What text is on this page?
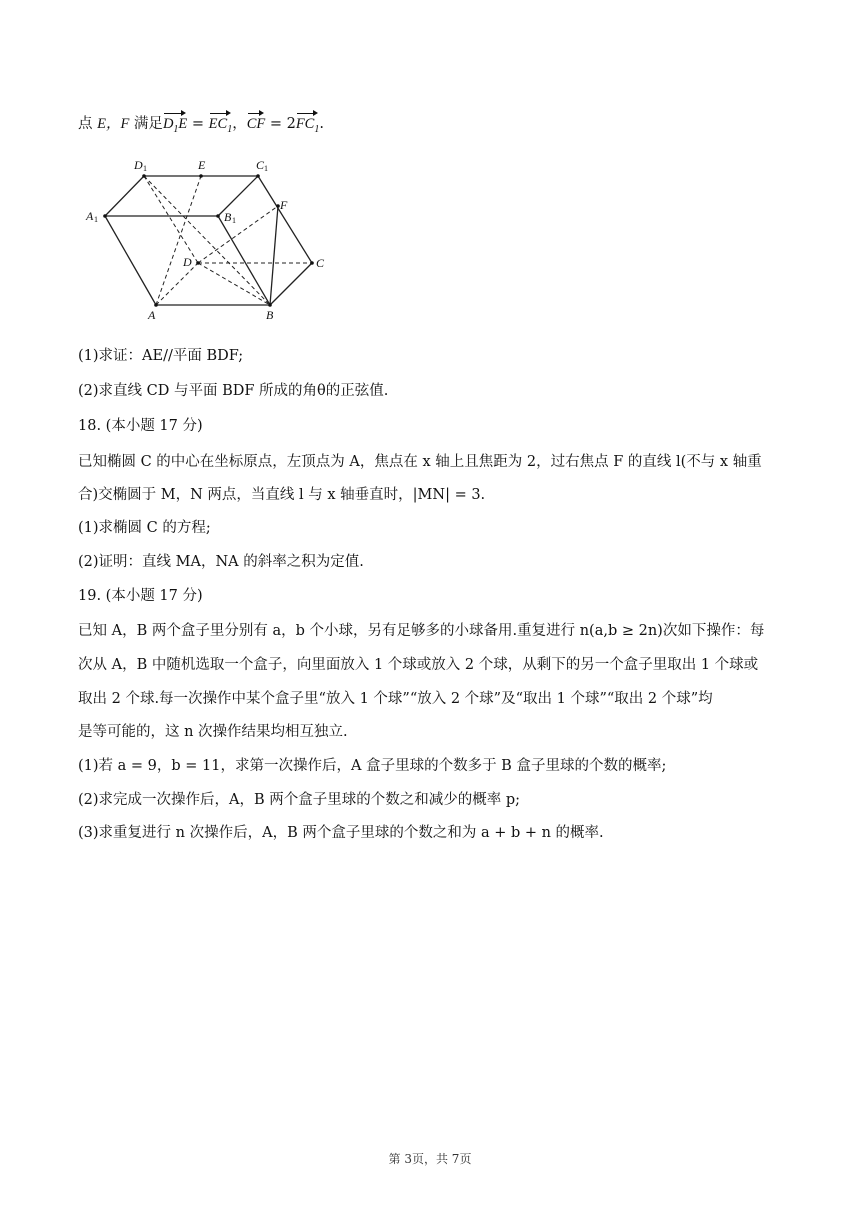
点 E，F 满足$D_1E = EC_1$，CF = $2FC_1$.
D 1	E	C 1
A 1	B 1
F
D	C
A	B
(1)求证：AE//平面 BDF;
(2)求直线 CD 与平面 BDF 所成的角θ的正弦值.
18. (本小题 17 分)
已知椭圆 C 的中心在坐标原点，左顶点为 A，焦点在 x 轴上且焦距为 2，过右焦点 F 的直线 l(不与 x 轴重
合)交椭圆于 M，N 两点，当直线 l 与 x 轴垂直时，|MN| = 3.
(1)求椭圆 C 的方程;
(2)证明：直线 MA，NA 的斜率之积为定值.
19. (本小题 17 分)
已知 A，B 两个盒子里分别有 a，b 个小球，另有足够多的小球备用.重复进行 n(a,b ≥ 2n)次如下操作：每
次从 A，B 中随机选取一个盒子，向里面放入 1 个球或放入 2 个球，从剩下的另一个盒子里取出 1 个球或
取出 2 个球.每一次操作中某个盒子里“放入 1 个球”“放入 2 个球”及“取出 1 个球”“取出 2 个球”均
是等可能的，这 n 次操作结果均相互独立.
(1)若 a = 9，b = 11，求第一次操作后，A 盒子里球的个数多于 B 盒子里球的个数的概率;
(2)求完成一次操作后，A，B 两个盒子里球的个数之和减少的概率 p;
(3)求重复进行 n 次操作后，A，B 两个盒子里球的个数之和为 a + b + n 的概率.
第 3页，共 7页
